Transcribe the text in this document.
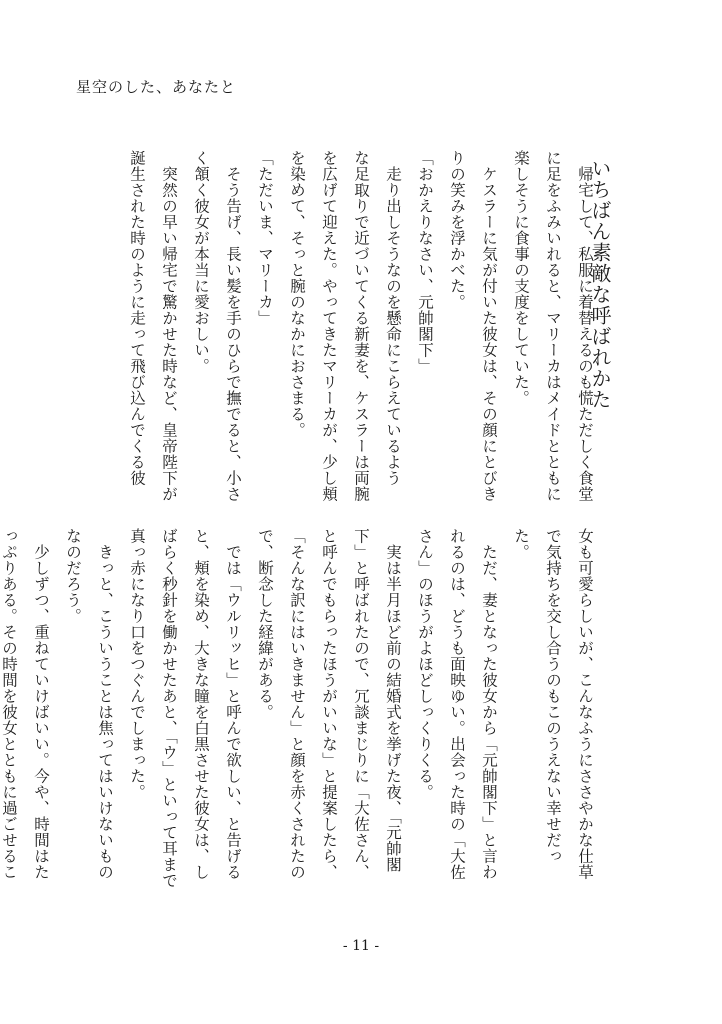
星空のした、あなたと
いちばん素敵な呼ばれかた

　帰宅して、私服に着替えるのも慌ただしく食堂

に足をふみいれると、マリーカはメイドとともに

楽しそうに食事の支度をしていた。

　ケスラーに気が付いた彼女は、その顔にとびき

りの笑みを浮かべた。

「おかえりなさい、元帥閣下」

　走り出しそうなのを懸命にこらえているよう

な足取りで近づいてくる新妻を、ケスラーは両腕

を広げて迎えた。やってきたマリーカが、少し頬

を染めて、そっと腕のなかにおさまる。

「ただいま、マリーカ」

　そう告げ、長い髪を手のひらで撫でると、小さ

く頷く彼女が本当に愛おしい。

　突然の早い帰宅で驚かせた時など、皇帝陛下が

誕生された時のように走って飛び込んでくる彼

女も可愛らしいが、こんなふうにささやかな仕草

で気持ちを交し合うのもこのうえない幸せだっ

た。

　ただ、妻となった彼女から「元帥閣下」と言わ

れるのは、どうも面映ゆい。出会った時の「大佐

さん」のほうがよほどしっくりくる。

　実は半月ほど前の結婚式を挙げた夜、「元帥閣

下」と呼ばれたので、冗談まじりに「大佐さん、

と呼んでもらったほうがいいな」と提案したら、

「そんな訳にはいきません」と顔を赤くされたの

で、断念した経緯がある。

　では「ウルリッヒ」と呼んで欲しい、と告げる

と、頬を染め、大きな瞳を白黒させた彼女は、し

ばらく秒針を働かせたあと、「ウ」といって耳まで

真っ赤になり口をつぐんでしまった。

　きっと、こういうことは焦ってはいけないもの

なのだろう。

　少しずつ、重ねていけばいい。今や、時間はた

っぷりある。その時間を彼女とともに過ごせるこ

- 11 -
